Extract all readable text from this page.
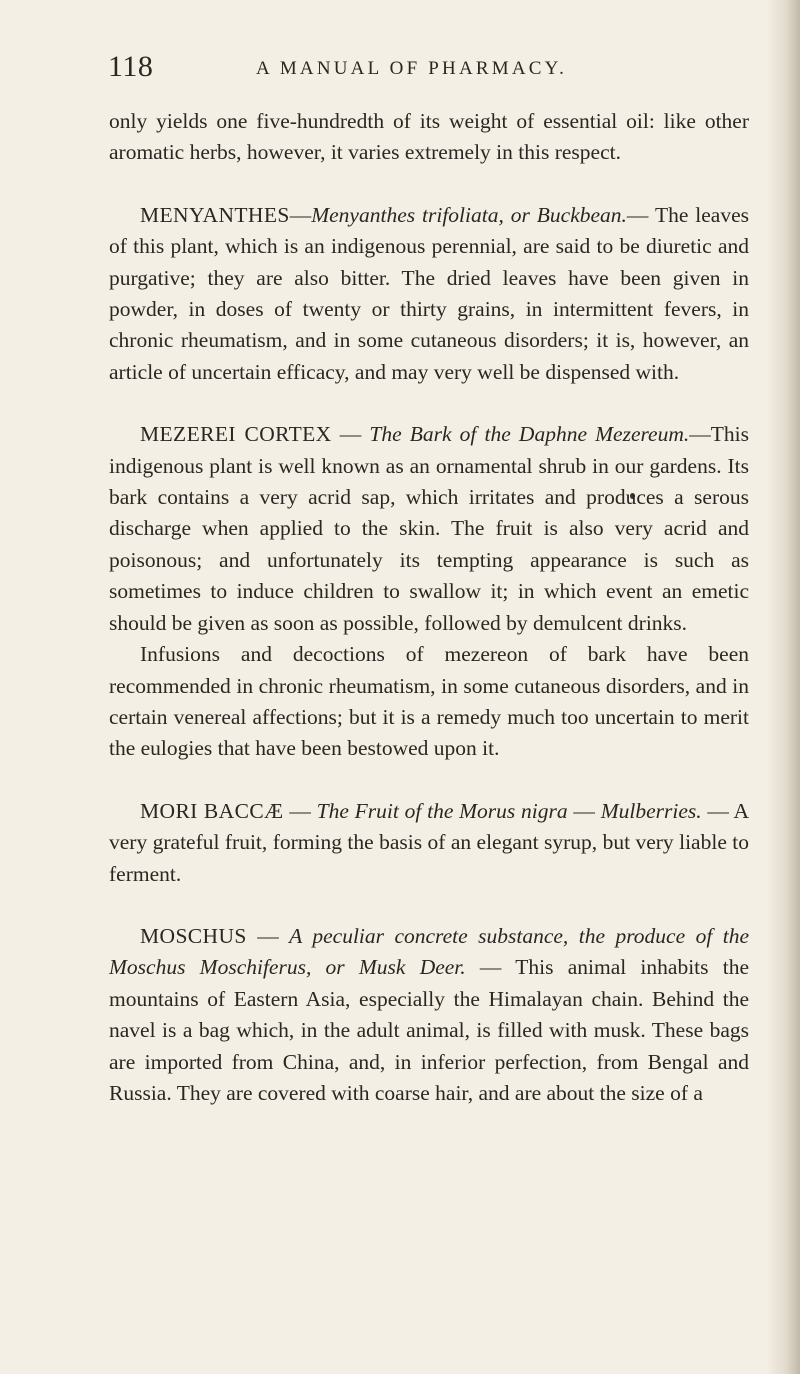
118	A MANUAL OF PHARMACY.

only yields one five-hundredth of its weight of essential oil: like other aromatic herbs, however, it varies extremely in this respect.

MENYANTHES—Menyanthes trifoliata, or Buckbean.— The leaves of this plant, which is an indigenous perennial, are said to be diuretic and purgative; they are also bitter. The dried leaves have been given in powder, in doses of twenty or thirty grains, in intermittent fevers, in chronic rheumatism, and in some cutaneous disorders; it is, however, an article of uncertain efficacy, and may very well be dispensed with.

MEZEREI CORTEX — The Bark of the Daphne Mezereum.—This indigenous plant is well known as an ornamental shrub in our gardens. Its bark contains a very acrid sap, which irritates and produces a serous discharge when applied to the skin. The fruit is also very acrid and poisonous; and unfortunately its tempting appearance is such as sometimes to induce children to swallow it; in which event an emetic should be given as soon as possible, followed by demulcent drinks.

Infusions and decoctions of mezereon of bark have been recommended in chronic rheumatism, in some cutaneous disorders, and in certain venereal affections; but it is a remedy much too uncertain to merit the eulogies that have been bestowed upon it.

MORI BACCÆ — The Fruit of the Morus nigra — Mulberries. — A very grateful fruit, forming the basis of an elegant syrup, but very liable to ferment.

MOSCHUS — A peculiar concrete substance, the produce of the Moschus Moschiferus, or Musk Deer. — This animal inhabits the mountains of Eastern Asia, especially the Himalayan chain. Behind the navel is a bag which, in the adult animal, is filled with musk. These bags are imported from China, and, in inferior perfection, from Bengal and Russia. They are covered with coarse hair, and are about the size of a
